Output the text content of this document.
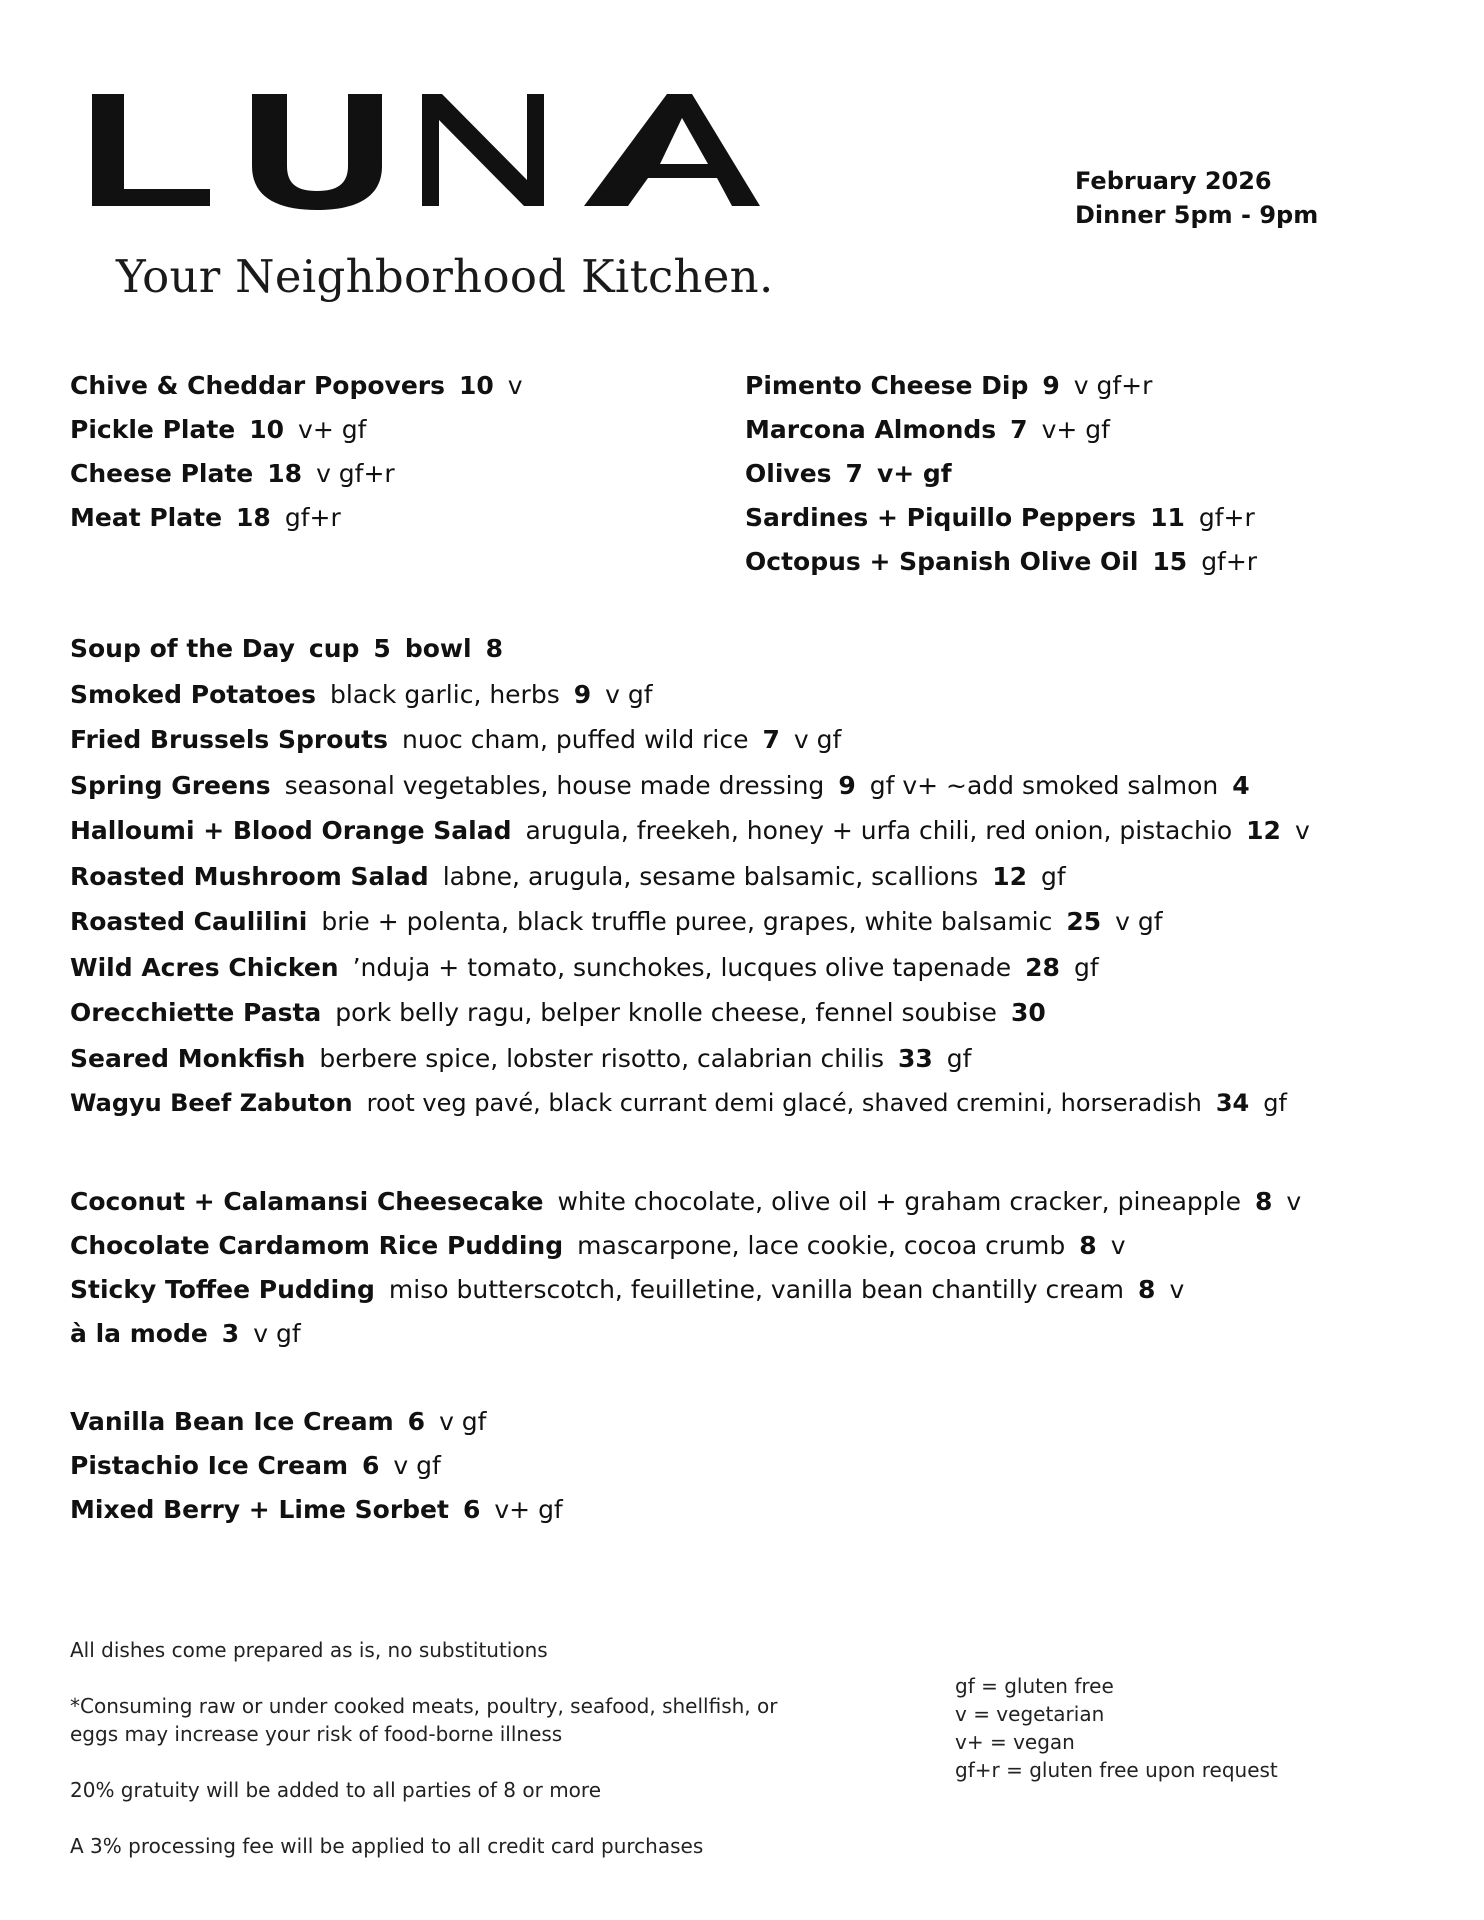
Your Neighborhood Kitchen.
February 2026
Dinner 5pm - 9pm
Chive & Cheddar Popovers 10 v
Pickle Plate 10 v+ gf
Cheese Plate 18 v gf+r
Meat Plate 18 gf+r
Pimento Cheese Dip 9 v gf+r
Marcona Almonds 7 v+ gf
Olives 7 v+ gf
Sardines + Piquillo Peppers 11 gf+r
Octopus + Spanish Olive Oil 15 gf+r
Soup of the Day cup 5 bowl 8
Smoked Potatoes black garlic, herbs 9 v gf
Fried Brussels Sprouts nuoc cham, puffed wild rice 7 v gf
Spring Greens seasonal vegetables, house made dressing 9 gf v+ ~add smoked salmon 4
Halloumi + Blood Orange Salad arugula, freekeh, honey + urfa chili, red onion, pistachio 12 v
Roasted Mushroom Salad labne, arugula, sesame balsamic, scallions 12 gf
Roasted Caulilini brie + polenta, black truffle puree, grapes, white balsamic 25 v gf
Wild Acres Chicken ’nduja + tomato, sunchokes, lucques olive tapenade 28 gf
Orecchiette Pasta pork belly ragu, belper knolle cheese, fennel soubise 30
Seared Monkfish berbere spice, lobster risotto, calabrian chilis 33 gf
Wagyu Beef Zabuton root veg pavé, black currant demi glacé, shaved cremini, horseradish 34 gf
Coconut + Calamansi Cheesecake white chocolate, olive oil + graham cracker, pineapple 8 v
Chocolate Cardamom Rice Pudding mascarpone, lace cookie, cocoa crumb 8 v
Sticky Toffee Pudding miso butterscotch, feuilletine, vanilla bean chantilly cream 8 v
à la mode 3 v gf
Vanilla Bean Ice Cream 6 v gf
Pistachio Ice Cream 6 v gf
Mixed Berry + Lime Sorbet 6 v+ gf

All dishes come prepared as is, no substitutions

*Consuming raw or under cooked meats, poultry, seafood, shellfish, or

eggs may increase your risk of food-borne illness

20% gratuity will be added to all parties of 8 or more

A 3% processing fee will be applied to all credit card purchases

gf = gluten free
v = vegetarian
v+ = vegan
gf+r = gluten free upon request
